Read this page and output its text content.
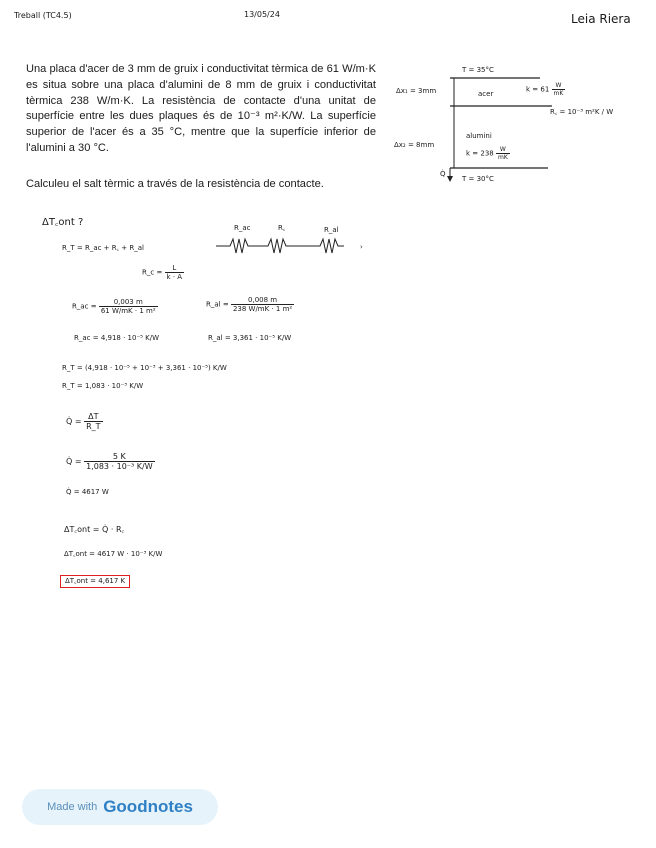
Treball (TC4.5)	13/05/24	Leia Riera
Una placa d'acer de 3 mm de gruix i conductivitat tèrmica de 61 W/m·K es situa sobre una placa d'alumini de 8 mm de gruix i conductivitat tèrmica 238 W/m·K. La resistència de contacte d'una unitat de superfície entre les dues plaques és de 10⁻³ m²·K/W. La superfície superior de l'acer és a 35 °C, mentre que la superfície inferior de l'alumini a 30 °C.
Calculeu el salt tèrmic a través de la resistència de contacte.
T = 35°C
Δx₁ = 3mm	acer
$k = 61 \frac{W}{mK}$
R꜀ = 10⁻³ m²K / W
Δx₂ = 8mm
alumini
$k = 238 \frac{W}{mK}$
Q̇
T = 30°C
ΔT꜀ont ?
R_T = R_ac + R꜀ + R_al	›
R_ac	R꜀	R_al
R_c = $\frac{L}{k \cdot A}$
R_ac = $\frac{0,003 m}{\text{61 W/mK · 1 m²}}$	R_al = $\frac{0,008 m}{\text{238 W/mK · 1 m²}}$
R_ac = 4,918 · 10⁻⁵ K/W	R_al = 3,361 · 10⁻⁵ K/W
R_T = (4,918 · 10⁻⁵ + 10⁻³ + 3,361 · 10⁻⁵) K/W
R_T = 1,083 · 10⁻³ K/W
Q̇ = $\frac{\Delta T}{R\_T}$
Q̇ = $\frac{5 K}{\text{1,083 · 10⁻³ K/W}}$
Q̇ = 4617 W
ΔT꜀ont = Q̇ · R꜀
ΔT꜀ont = 4617 W · 10⁻³ K/W
ΔT꜀ont = 4,617 K
Made with Goodnotes
